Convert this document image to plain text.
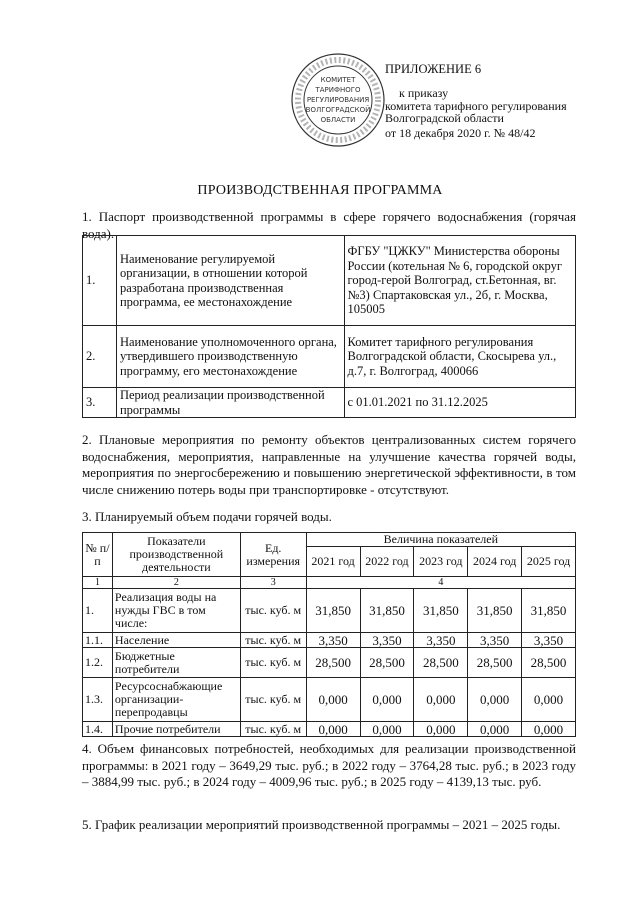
КОМИТЕТ
ТАРИФНОГО
РЕГУЛИРОВАНИЯ
ВОЛГОГРАДСКОЙ
ОБЛАСТИ
ПРИЛОЖЕНИЕ 6
к приказу
комитета тарифного регулирования
Волгоградской области
от 18 декабря 2020 г. № 48/42
ПРОИЗВОДСТВЕННАЯ ПРОГРАММА
1. Паспорт производственной программы в сфере горячего водоснабжения (горячая вода).
1.	Наименование регулируемой организации, в отношении которой разработана производственная программа, ее местонахождение	ФГБУ "ЦЖКУ" Министерства обороны России (котельная № 6, городской округ город-герой Волгоград, ст.Бетонная, вг. №3) Спартаковская ул., 2б, г. Москва, 105005
2.	Наименование уполномоченного органа, утвердившего производственную программу, его местонахождение	Комитет тарифного регулирования Волгоградской области, Скосырева ул., д.7, г. Волгоград, 400066
3.	Период реализации производственной программы	с 01.01.2021 по 31.12.2025
2. Плановые мероприятия по ремонту объектов централизованных систем горячего водоснабжения, мероприятия, направленные на улучшение качества горячей воды, мероприятия по энергосбережению и повышению энергетической эффективности, в том числе снижению потерь воды при транспортировке - отсутствуют.
3. Планируемый объем подачи горячей воды.
№ п/п	Показатели производственной деятельности	Ед. измерения	Величина показателей				
			2021 год	2022 год	2023 год	2024 год	2025 год
1	2	3	4				
1.	Реализация воды на нужды ГВС в том числе:	тыс. куб. м	31,850	31,850	31,850	31,850	31,850
1.1.	Население	тыс. куб. м	3,350	3,350	3,350	3,350	3,350
1.2.	Бюджетные потребители	тыс. куб. м	28,500	28,500	28,500	28,500	28,500
1.3.	Ресурсоснабжающие организации-перепродавцы	тыс. куб. м	0,000	0,000	0,000	0,000	0,000
1.4.	Прочие потребители	тыс. куб. м	0,000	0,000	0,000	0,000	0,000
4. Объем финансовых потребностей, необходимых для реализации производственной программы: в 2021 году – 3649,29 тыс. руб.; в 2022 году – 3764,28 тыс. руб.; в 2023 году – 3884,99 тыс. руб.; в 2024 году – 4009,96 тыс. руб.; в 2025 году – 4139,13 тыс. руб.
5. График реализации мероприятий производственной программы – 2021 – 2025 годы.
